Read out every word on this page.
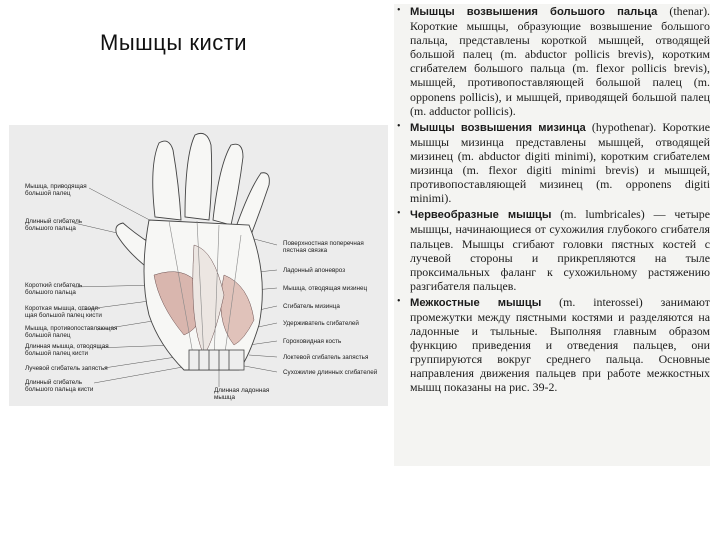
Мышцы кисти
Мышца, приводящая
большой палец
Длинный сгибатель
большого пальца
Короткий сгибатель
большого пальца
Короткая мышца, отводя-
щая большой палец кисти
Мышца, противопоставляющая
большой палец
Длинная мышца, отводящая
большой палец кисти
Лучевой сгибатель запястья
Длинный сгибатель
большого пальца кисти
Поверхностная поперечная
пястная связка
Ладонный апоневроз
Мышца, отводящая мизинец
Сгибатель мизинца
Удерживатель сгибателей
Гороховидная кость
Локтевой сгибатель запястья
Сухожилие длинных сгибателей
Длинная ладонная
мышца

• Мышцы возвышения большого пальца (thenar). Короткие мышцы, образующие возвышение большого пальца, представлены короткой мышцей, отводящей большой палец (m. abductor pollicis brevis), коротким сгибателем большого пальца (m. flexor pollicis brevis), мышцей, противопоставляющей большой палец (m. opponens pollicis), и мышцей, приводящей большой палец (m. adductor pollicis).

• Мышцы возвышения мизинца (hypothenar). Короткие мышцы мизинца представлены мышцей, отводящей мизинец (m. abductor digiti minimi), коротким сгибателем мизинца (m. flexor digiti minimi brevis) и мышцей, противопоставляющей мизинец (m. opponens digiti minimi).

• Червеобразные мышцы (m. lumbricales) — четыре мышцы, начинающиеся от сухожилия глубокого сгибателя пальцев. Мышцы сгибают головки пястных костей с лучевой стороны и прикрепляются на тыле проксимальных фаланг к сухожильному растяжению разгибателя пальцев.

• Межкостные мышцы (m. interossei) занимают промежутки между пястными костями и разделяются на ладонные и тыльные. Выполняя главным образом функцию приведения и отведения пальцев, они группируются вокруг среднего пальца. Основные направления движения пальцев при работе межкостных мышц показаны на рис. 39-2.
